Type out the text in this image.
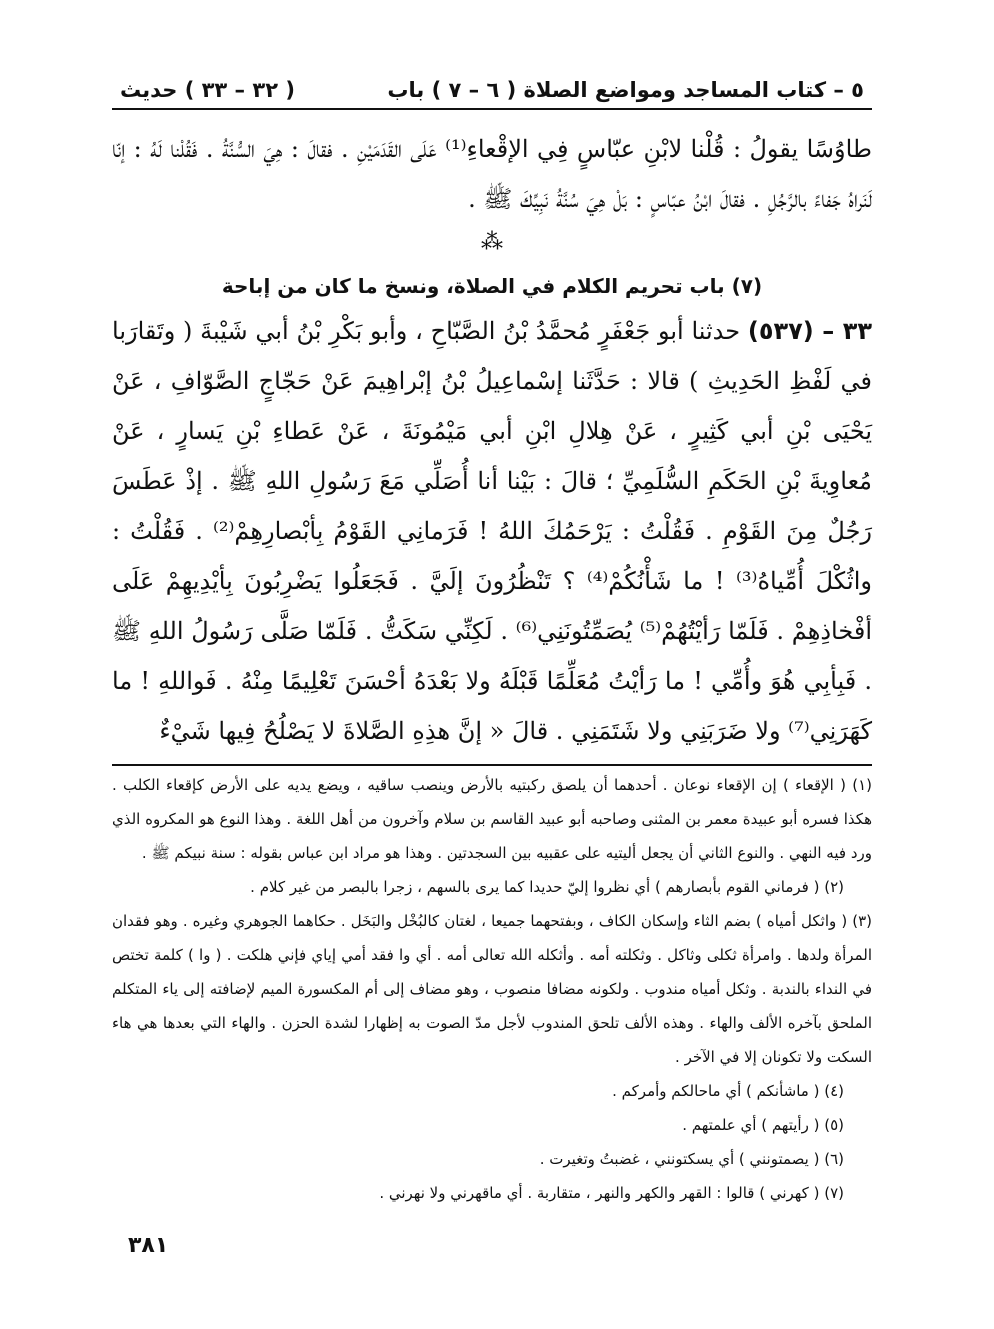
٥ – كتاب المساجد ومواضع الصلاة ( ٦ – ٧ ) باب
( ٣٢ – ٣٣ ) حديث

طاوُسًا يقولُ : قُلْنا لابْنِ عبّاسٍ فِي الإقْعاءِ⁽¹⁾ عَلَى القَدَمَيْنِ . فقالَ : هِيَ السُّنَّةُ . فَقُلْنا لَهُ : إنّا لَنَراهُ جَفاءً بالرَّجُلِ . فقالَ ابْنُ عبّاسٍ : بَلْ هِيَ سُنَّةُ نَبِيِّكَ ﷺ .

⁂
(٧) باب تحريم الكلام في الصلاة، ونسخ ما كان من إباحة
٣٣ – (٥٣٧) حدثنا أبو جَعْفَرٍ مُحمَّدُ بْنُ الصَّبّاحِ ، وأبو بَكْرِ بْنُ أبي شَيْبةَ ( وتَقارَبا في لَفْظِ الحَدِيثِ ) قالا : حَدَّثَنا إسْماعِيلُ بْنُ إبْراهِيمَ عَنْ حَجّاجٍ الصَّوّافِ ، عَنْ يَحْيَى بْنِ أبي كَثِيرٍ ، عَنْ هِلالِ ابْنِ أبي مَيْمُونَةَ ، عَنْ عَطاءِ بْنِ يَسارٍ ، عَنْ مُعاوِيةَ بْنِ الحَكَمِ السُّلَمِيِّ ؛ قالَ : بَيْنا أنا أُصَلِّي مَعَ رَسُولِ اللهِ ﷺ . إذْ عَطَسَ رَجُلٌ مِنَ القَوْمِ . فَقُلْتُ : يَرْحَمُكَ اللهُ ! فَرَمانِي القَوْمُ بِأبْصارِهِمْ⁽²⁾ . فَقُلْتُ : واثُكْلَ أُمِّياهُ⁽³⁾ ! ما شَأْنُكُمْ⁽⁴⁾ ؟ تَنْظُرُونَ إلَيَّ . فَجَعَلُوا يَضْرِبُونَ بِأيْدِيهِمْ عَلَى أفْخاذِهِمْ . فَلَمّا رَأيْتُهُمْ⁽⁵⁾ يُصَمِّتُونَنِي⁽⁶⁾ . لَكِنِّي سَكَتُّ . فَلَمّا صَلَّى رَسُولُ اللهِ ﷺ . فَبِأبِي هُوَ وأُمِّي ! ما رَأيْتُ مُعَلِّمًا قَبْلَهُ ولا بَعْدَهُ أحْسَنَ تَعْلِيمًا مِنْهُ . فَواللهِ ! ما كَهَرَنِي⁽⁷⁾ ولا ضَرَبَنِي ولا شَتَمَنِي . قالَ « إنَّ هذِهِ الصَّلاةَ لا يَصْلُحُ فِيها شَيْءٌ

(١) ( الإقعاء ) إن الإقعاء نوعان . أحدهما أن يلصق ركبتيه بالأرض وينصب ساقيه ، ويضع يديه على الأرض كإقعاء الكلب . هكذا فسره أبو عبيدة معمر بن المثنى وصاحبه أبو عبيد القاسم بن سلام وآخرون من أهل اللغة . وهذا النوع هو المكروه الذي ورد فيه النهي . والنوع الثاني أن يجعل أليتيه على عقبيه بين السجدتين . وهذا هو مراد ابن عباس بقوله : سنة نبيكم ﷺ .

(٢) ( فرماني القوم بأبصارهم ) أي نظروا إليّ حديدا كما يرى بالسهم ، زجرا بالبصر من غير كلام .

(٣) ( واثكل أمياه ) بضم الثاء وإسكان الكاف ، وبفتحهما جميعا ، لغتان كالبُخْل والبَخَل . حكاهما الجوهري وغيره . وهو فقدان المرأة ولدها . وامرأة ثكلى وثاكل . وثكلته أمه . وأثكله الله تعالى أمه . أي وا فقد أمي إياي فإني هلكت . ( وا ) كلمة تختص في النداء بالندبة . وثكل أمياه مندوب . ولكونه مضافا منصوب ، وهو مضاف إلى أم المكسورة الميم لإضافته إلى ياء المتكلم الملحق بآخره الألف والهاء . وهذه الألف تلحق المندوب لأجل مدّ الصوت به إظهارا لشدة الحزن . والهاء التي بعدها هي هاء السكت ولا تكونان إلا في الآخر .

(٤) ( ماشأنكم ) أي ماحالكم وأمركم .

(٥) ( رأيتهم ) أي علمتهم .

(٦) ( يصمتونني ) أي يسكتونني ، غضبتُ وتغيرت .

(٧) ( كهرني ) قالوا : القهر والكهر والنهر ، متقاربة . أي ماقهرني ولا نهرني .

٣٨١
